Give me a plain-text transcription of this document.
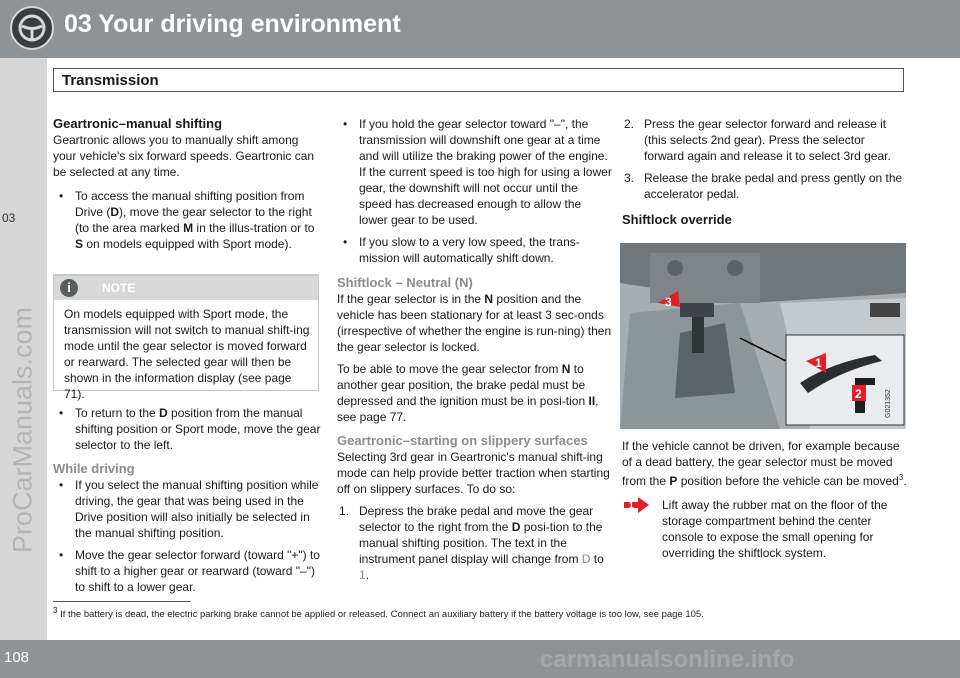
03 Your driving environment
03
ProCarManuals.com
Transmission

Geartronic–manual shifting

Geartronic allows you to manually shift among your vehicle's six forward speeds. Geartronic can be selected at any time.

• To access the manual shifting position from Drive (D), move the gear selector to the right (to the area marked M in the illus-tration or to S on models equipped with Sport mode).

i	NOTE
On models equipped with Sport mode, the transmission will not switch to manual shift-ing mode until the gear selector is moved forward or rearward. The selected gear will then be shown in the information display (see page 71).

• To return to the D position from the manual shifting position or Sport mode, move the gear selector to the left.

While driving

• If you select the manual shifting position while driving, the gear that was being used in the Drive position will also initially be selected in the manual shifting position.

• Move the gear selector forward (toward "+") to shift to a higher gear or rearward (toward "–") to shift to a lower gear.

• If you hold the gear selector toward "–", the transmission will downshift one gear at a time and will utilize the braking power of the engine. If the current speed is too high for using a lower gear, the downshift will not occur until the speed has decreased enough to allow the lower gear to be used.

• If you slow to a very low speed, the trans-mission will automatically shift down.

Shiftlock – Neutral (N)

If the gear selector is in the N position and the vehicle has been stationary for at least 3 sec-onds (irrespective of whether the engine is run-ning) then the gear selector is locked.

To be able to move the gear selector from N to another gear position, the brake pedal must be depressed and the ignition must be in posi-tion II, see page 77.

Geartronic–starting on slippery surfaces

Selecting 3rd gear in Geartronic's manual shift-ing mode can help provide better traction when starting off on slippery surfaces. To do so:

1. Depress the brake pedal and move the gear selector to the right from the D posi-tion to the manual shifting position. The text in the instrument panel display will change from D to 1.

2. Press the gear selector forward and release it (this selects 2nd gear). Press the selector forward again and release it to select 3rd gear.

3. Release the brake pedal and press gently on the accelerator pedal.

Shiftlock override

3
1
2	G021352

If the vehicle cannot be driven, for example because of a dead battery, the gear selector must be moved from the P position before the vehicle can be moved$^3$.

1 Lift away the rubber mat on the floor of the storage compartment behind the center console to expose the small opening for overriding the shiftlock system.
$^3$ If the battery is dead, the electric parking brake cannot be applied or released. Connect an auxiliary battery if the battery voltage is too low, see page 105.
108	carmanualsonline.info
